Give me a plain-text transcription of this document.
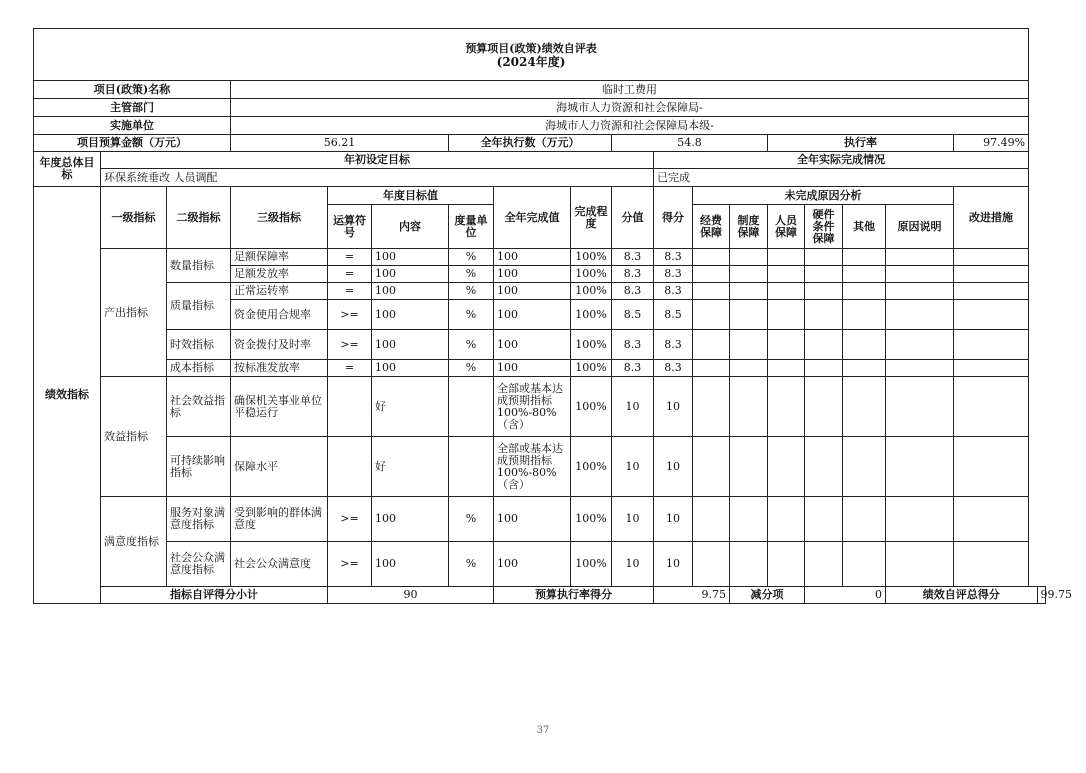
预算项目(政策)绩效自评表
(2024年度)																		

项目(政策)名称			临时工费用															
主管部门			海城市人力资源和社会保障局-															
实施单位			海城市人力资源和社会保障局本级-															
项目预算金额（万元）			56.21			全年执行数（万元）			54.8				执行率				97.49%	
年度总体目标	年初设定目标									全年实际完成情况								
	环保系统垂改 人员调配									已完成								
绩效指标	一级指标	二级指标	三级指标	年度目标值			全年完成值	完成程度	分值	得分	未完成原因分析						改进措施	
				运算符号	内容	度量单位					经费保障	制度保障	人员保障	硬件条件保障	其他	原因说明		
	产出指标	数量指标	足额保障率	=	100	%	100	100%	8.3	8.3								
			足额发放率	=	100	%	100	100%	8.3	8.3								
		质量指标	正常运转率	=	100	%	100	100%	8.3	8.3								
			资金使用合规率	>=	100	%	100	100%	8.5	8.5								
		时效指标	资金拨付及时率	>=	100	%	100	100%	8.3	8.3								
		成本指标	按标准发放率	=	100	%	100	100%	8.3	8.3								
	效益指标	社会效益指标	确保机关事业单位平稳运行		好		全部或基本达成预期指标100%-80%（含）	100%	10	10								
		可持续影响指标	保障水平		好		全部或基本达成预期指标100%-80%（含）	100%	10	10								
	满意度指标	服务对象满意度指标	受到影响的群体满意度	>=	100	%	100	100%	10	10								
		社会公众满意度指标	社会公众满意度	>=	100	%	100	100%	10	10								
	指标自评得分小计			90			预算执行率得分			9.75		减分项		0		绩效自评总得分		99.75
37
